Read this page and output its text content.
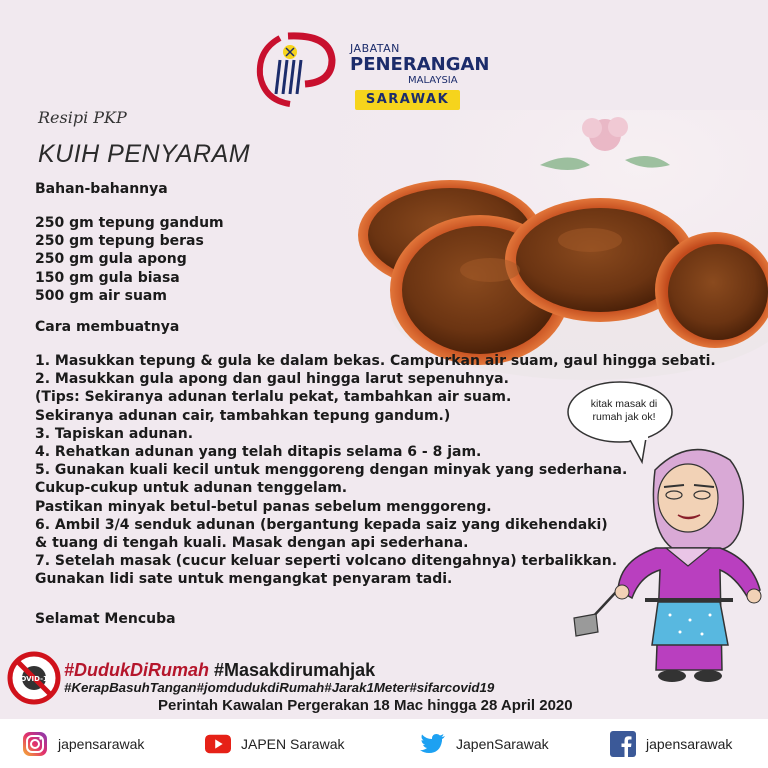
JABATAN
PENERANGAN
MALAYSIA
SARAWAK
Resipi PKP
KUIH PENYARAM
Bahan-bahannya
250 gm tepung gandum
250 gm tepung beras
250 gm gula apong
150 gm gula biasa
500 gm air suam
Cara membuatnya
1. Masukkan tepung & gula ke dalam bekas. Campurkan air suam, gaul hingga sebati.
2. Masukkan gula apong dan gaul hingga larut sepenuhnya.
(Tips: Sekiranya adunan terlalu pekat, tambahkan air suam.
Sekiranya adunan cair, tambahkan tepung gandum.)
3. Tapiskan adunan.
4. Rehatkan adunan yang telah ditapis selama 6 - 8 jam.
5. Gunakan kuali kecil untuk menggoreng dengan minyak yang sederhana.
Cukup-cukup untuk adunan tenggelam.
Pastikan minyak betul-betul panas sebelum menggoreng.
6. Ambil 3/4 senduk adunan (bergantung kepada saiz yang dikehendaki)
& tuang di tengah kuali. Masak dengan api sederhana.
7. Setelah masak (cucur keluar seperti volcano ditengahnya) terbalikkan.
Gunakan lidi sate untuk mengangkat penyaram tadi.
Selamat Mencuba
kitak masak di rumah jak ok!
COVID-19 #DudukDiRumah #Masakdirumahjak
#KerapBasuhTangan#jomdudukdiRumah#Jarak1Meter#sifarcovid19
Perintah Kawalan Pergerakan 18 Mac hingga 28 April 2020
japensarawak	JAPEN Sarawak	JapenSarawak	japensarawak
